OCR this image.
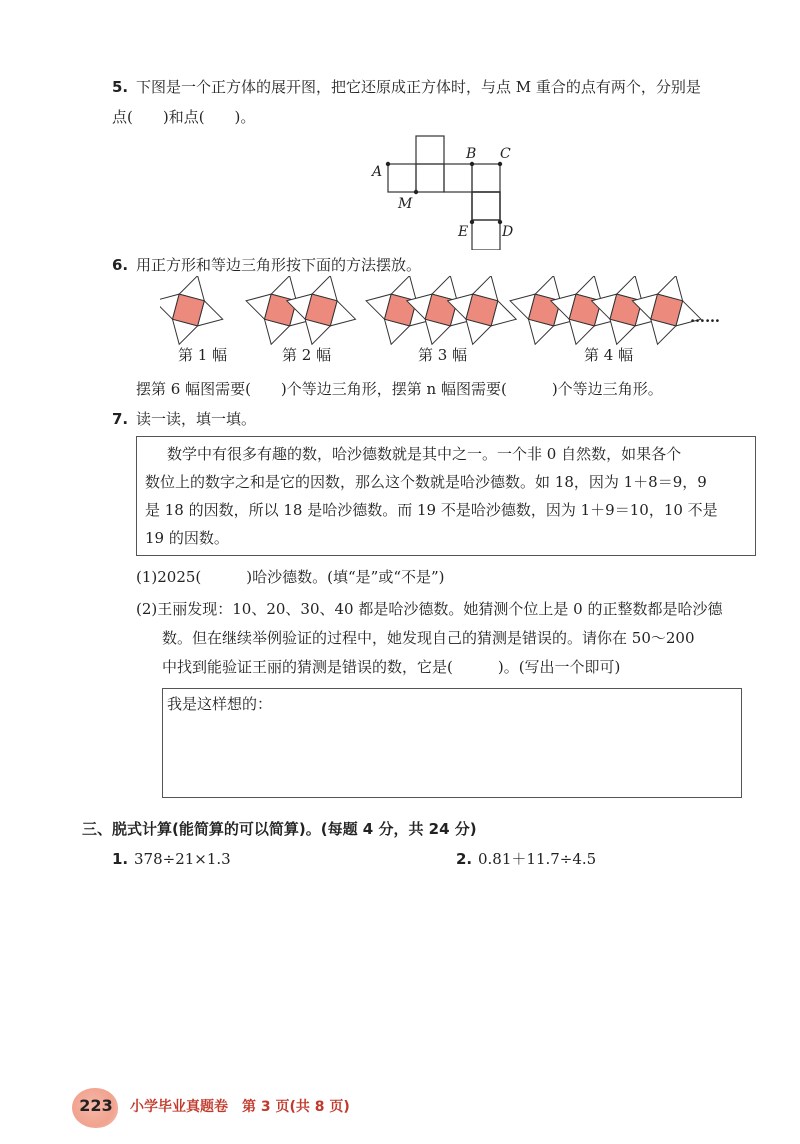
5. 下图是一个正方体的展开图，把它还原成正方体时，与点 M 重合的点有两个，分别是
点(　　)和点(　　)。
A
B C
M
E D
6. 用正方形和等边三角形按下面的方法摆放。
第 1 幅	第 2 幅	第 3 幅	第 4 幅
……
摆第 6 幅图需要(　　)个等边三角形，摆第 n 幅图需要(　　　)个等边三角形。
7. 读一读，填一填。
数学中有很多有趣的数，哈沙德数就是其中之一。一个非 0 自然数，如果各个
数位上的数字之和是它的因数，那么这个数就是哈沙德数。如 18，因为 1＋8＝9，9
是 18 的因数，所以 18 是哈沙德数。而 19 不是哈沙德数，因为 1＋9＝10，10 不是
19 的因数。
(1)2025(　　　)哈沙德数。(填“是”或“不是”)
(2)王丽发现：10、20、30、40 都是哈沙德数。她猜测个位上是 0 的正整数都是哈沙德
数。但在继续举例验证的过程中，她发现自己的猜测是错误的。请你在 50～200
中找到能验证王丽的猜测是错误的数，它是(　　　)。(写出一个即可)
我是这样想的：
三、脱式计算(能简算的可以简算)。(每题 4 分，共 24 分)
1. 378÷21×1.3	2. 0.81＋11.7÷4.5
223 小学毕业真题卷　第 3 页(共 8 页)
